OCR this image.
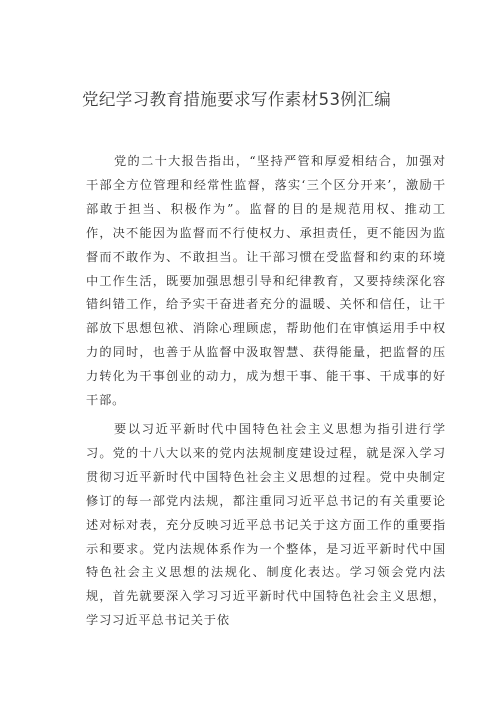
党纪学习教育措施要求写作素材53例汇编

党的二十大报告指出，“坚持严管和厚爱相结合，加强对干部全方位管理和经常性监督，落实‘三个区分开来’，激励干部敢于担当、积极作为”。监督的目的是规范用权、推动工作，决不能因为监督而不行使权力、承担责任，更不能因为监督而不敢作为、不敢担当。让干部习惯在受监督和约束的环境中工作生活，既要加强思想引导和纪律教育，又要持续深化容错纠错工作，给予实干奋进者充分的温暖、关怀和信任，让干部放下思想包袱、消除心理顾虑，帮助他们在审慎运用手中权力的同时，也善于从监督中汲取智慧、获得能量，把监督的压力转化为干事创业的动力，成为想干事、能干事、干成事的好干部。

要以习近平新时代中国特色社会主义思想为指引进行学习。党的十八大以来的党内法规制度建设过程，就是深入学习贯彻习近平新时代中国特色社会主义思想的过程。党中央制定修订的每一部党内法规，都注重同习近平总书记的有关重要论述对标对表，充分反映习近平总书记关于这方面工作的重要指示和要求。党内法规体系作为一个整体，是习近平新时代中国特色社会主义思想的法规化、制度化表达。学习领会党内法规，首先就要深入学习习近平新时代中国特色社会主义思想，学习习近平总书记关于依
